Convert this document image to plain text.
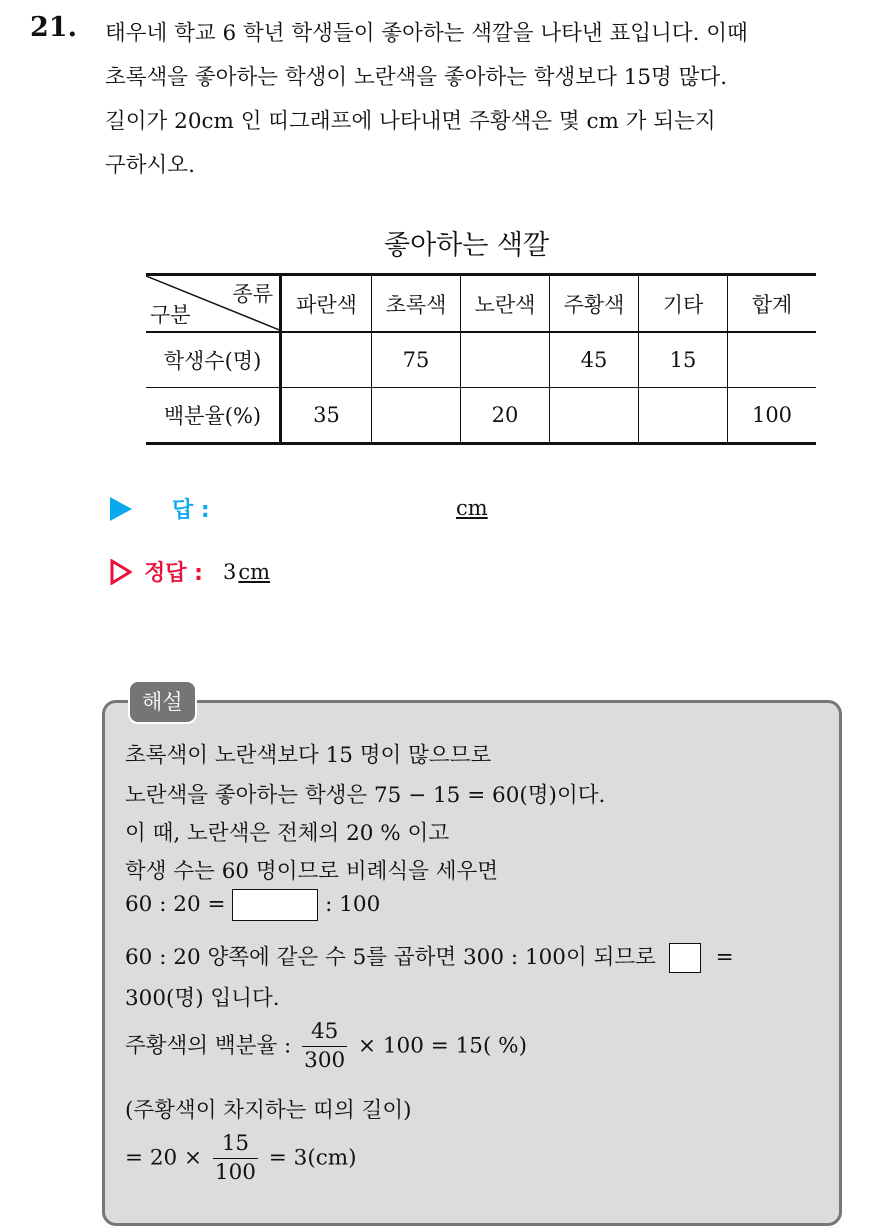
21. 태우네 학교 6 학년 학생들이 좋아하는 색깔을 나타낸 표입니다. 이때
초록색을 좋아하는 학생이 노란색을 좋아하는 학생보다 15명 많다.
길이가 20cm 인 띠그래프에 나타내면 주황색은 몇 cm 가 되는지
구하시오.
좋아하는 색깔
종류
구분	파란색	초록색	노란색	주황색	기타	합계
학생수(명)		75		45	15	
백분율(%)	35		20			100
답 :	cm
정답 : 3cm
해설
초록색이 노란색보다 15 명이 많으므로
노란색을 좋아하는 학생은 75 − 15 = 60(명)이다.
이 때, 노란색은 전체의 20 % 이고
학생 수는 60 명이므로 비례식을 세우면
60 : 20 =	: 100
60 : 20 양쪽에 같은 수 5를 곱하면 300 : 100이 되므로	=
300(명) 입니다.
주황색의 백분율 : $\frac{45}{300} \times 100 = 15$( %)
(주황색이 차지하는 띠의 길이)
= $20 \times \frac{15}{100} = 3(cm)$
